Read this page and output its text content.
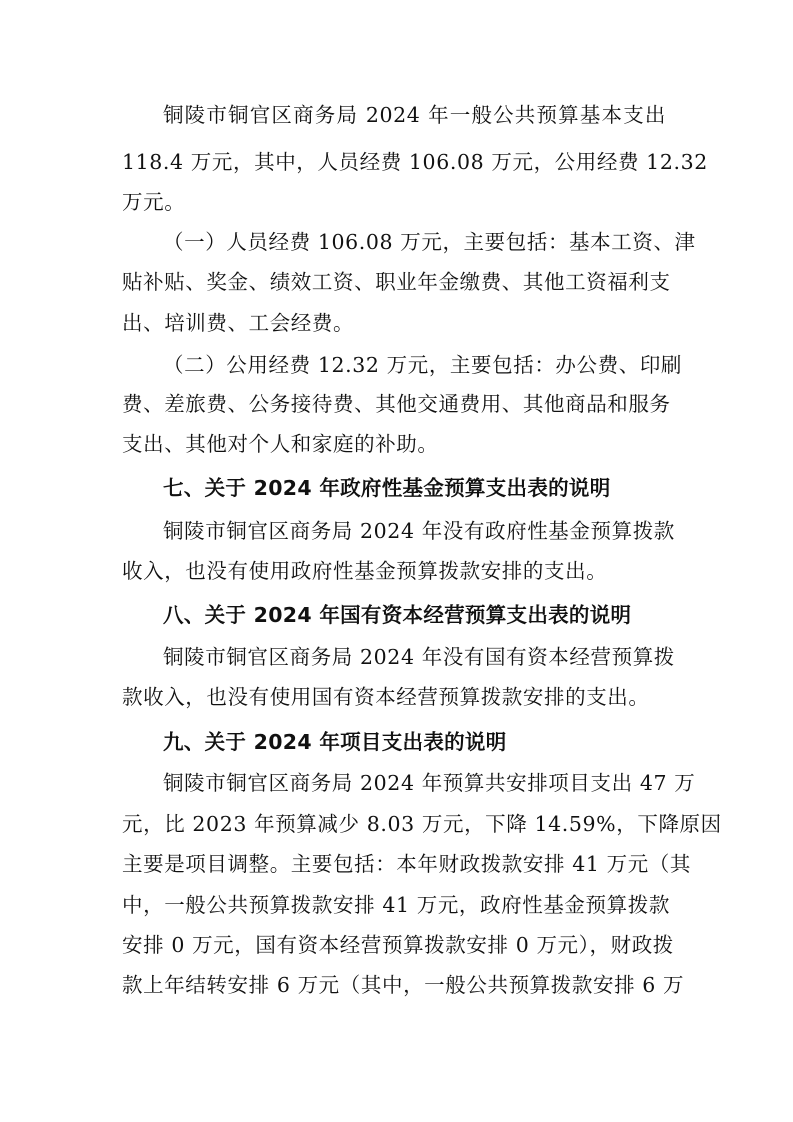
铜陵市铜官区商务局 2024 年一般公共预算基本支出
118.4 万元，其中，人员经费 106.08 万元，公用经费 12.32
万元。
（一）人员经费 106.08 万元，主要包括：基本工资、津
贴补贴、奖金、绩效工资、职业年金缴费、其他工资福利支
出、培训费、工会经费。
（二）公用经费 12.32 万元，主要包括：办公费、印刷
费、差旅费、公务接待费、其他交通费用、其他商品和服务
支出、其他对个人和家庭的补助。
七、关于 2024 年政府性基金预算支出表的说明
铜陵市铜官区商务局 2024 年没有政府性基金预算拨款
收入，也没有使用政府性基金预算拨款安排的支出。
八、关于 2024 年国有资本经营预算支出表的说明
铜陵市铜官区商务局 2024 年没有国有资本经营预算拨
款收入，也没有使用国有资本经营预算拨款安排的支出。
九、关于 2024 年项目支出表的说明
铜陵市铜官区商务局 2024 年预算共安排项目支出 47 万
元，比 2023 年预算减少 8.03 万元，下降 14.59%，下降原因
主要是项目调整。主要包括：本年财政拨款安排 41 万元（其
中，一般公共预算拨款安排 41 万元，政府性基金预算拨款
安排 0 万元，国有资本经营预算拨款安排 0 万元），财政拨
款上年结转安排 6 万元（其中，一般公共预算拨款安排 6 万
